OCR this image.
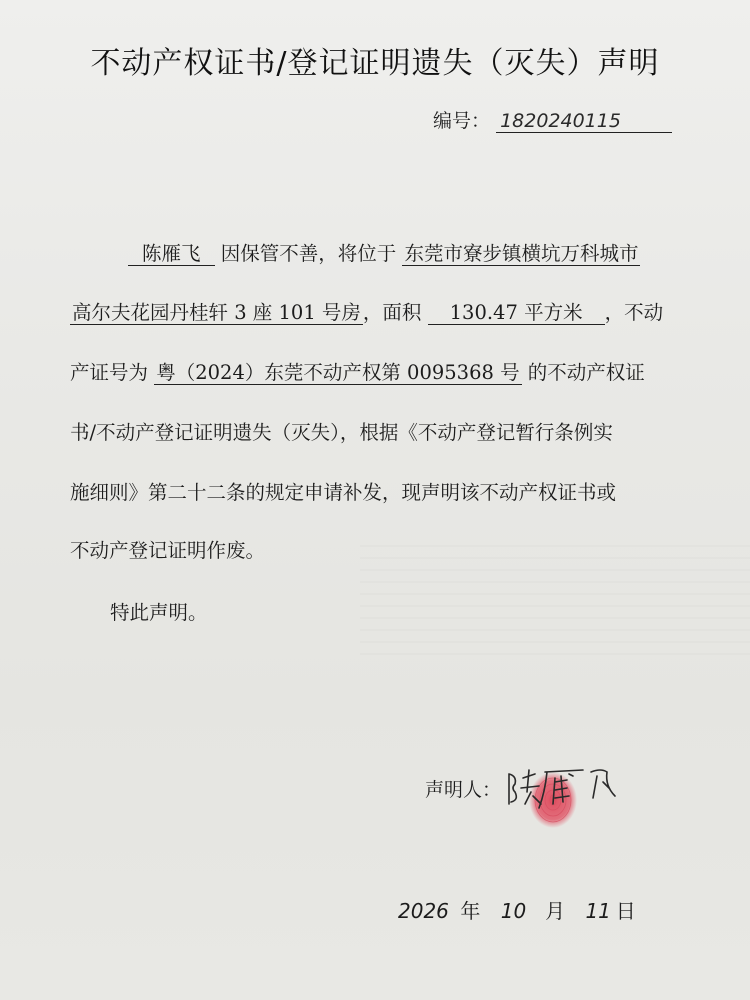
不动产权证书/登记证明遗失（灭失）声明
编号： 1820240115
陈雁飞 因保管不善，将位于 东莞市寮步镇横坑万科城市
高尔夫花园丹桂轩 3 座 101 号房 ，面积 130.47 平方米 ，不动
产证号为 粤（2024）东莞不动产权第 0095368 号 的不动产权证
书/不动产登记证明遗失（灭失），根据《不动产登记暂行条例实
施细则》第二十二条的规定申请补发，现声明该不动产权证书或
不动产登记证明作废。
特此声明。
声明人：
2026 年 10 月 11 日
